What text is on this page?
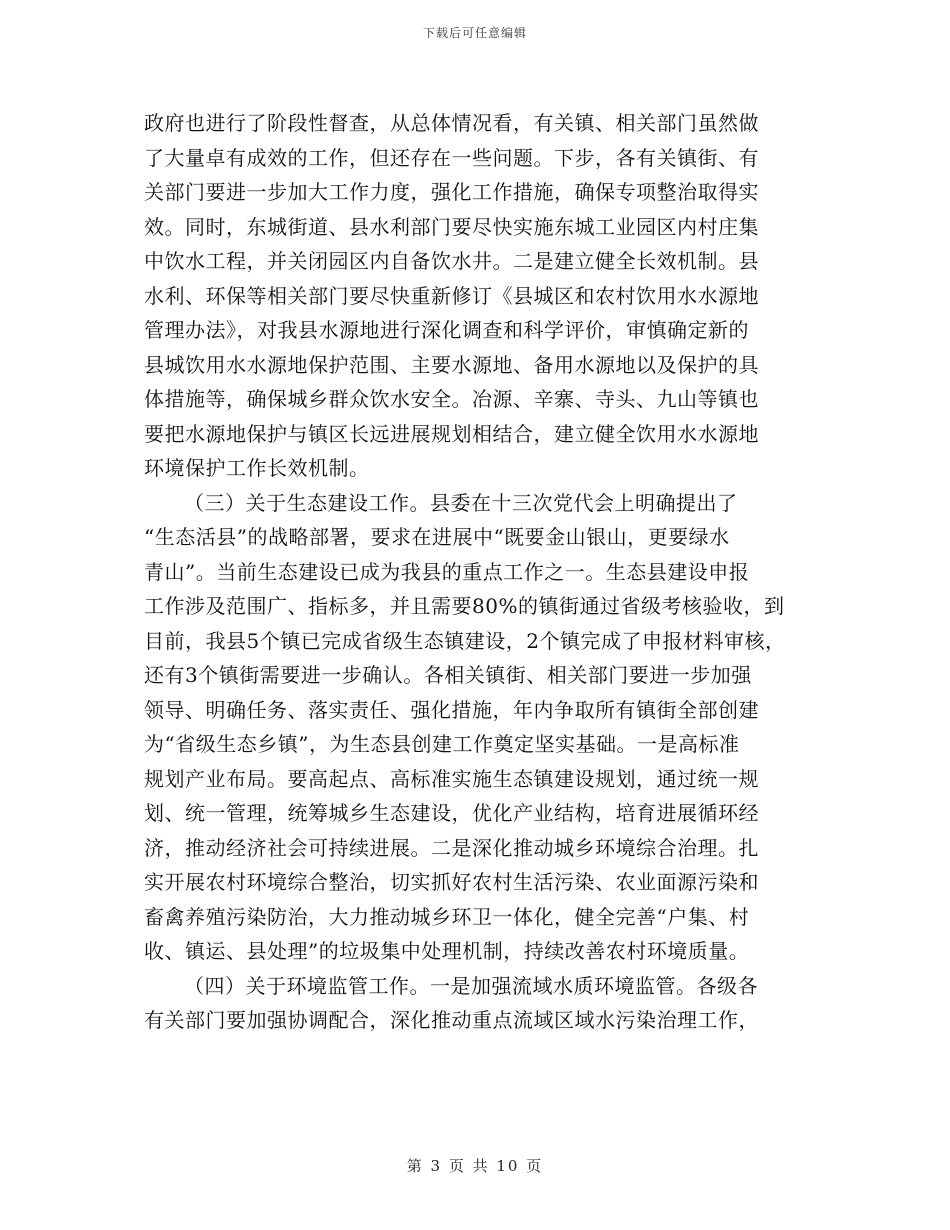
下载后可任意编辑
政府也进行了阶段性督查，从总体情况看，有关镇、相关部门虽然做
了大量卓有成效的工作，但还存在一些问题。下步，各有关镇街、有
关部门要进一步加大工作力度，强化工作措施，确保专项整治取得实
效。同时，东城街道、县水利部门要尽快实施东城工业园区内村庄集
中饮水工程，并关闭园区内自备饮水井。二是建立健全长效机制。县
水利、环保等相关部门要尽快重新修订《县城区和农村饮用水水源地
管理办法》，对我县水源地进行深化调查和科学评价，审慎确定新的
县城饮用水水源地保护范围、主要水源地、备用水源地以及保护的具
体措施等，确保城乡群众饮水安全。冶源、辛寨、寺头、九山等镇也
要把水源地保护与镇区长远进展规划相结合，建立健全饮用水水源地
环境保护工作长效机制。
（三）关于生态建设工作。县委在十三次党代会上明确提出了
“生态活县”的战略部署，要求在进展中“既要金山银山，更要绿水
青山”。当前生态建设已成为我县的重点工作之一。生态县建设申报
工作涉及范围广、指标多，并且需要80%的镇街通过省级考核验收，到
目前，我县5个镇已完成省级生态镇建设，2个镇完成了申报材料审核，
还有3个镇街需要进一步确认。各相关镇街、相关部门要进一步加强
领导、明确任务、落实责任、强化措施，年内争取所有镇街全部创建
为“省级生态乡镇”，为生态县创建工作奠定坚实基础。一是高标准
规划产业布局。要高起点、高标准实施生态镇建设规划，通过统一规
划、统一管理，统筹城乡生态建设，优化产业结构，培育进展循环经
济，推动经济社会可持续进展。二是深化推动城乡环境综合治理。扎
实开展农村环境综合整治，切实抓好农村生活污染、农业面源污染和
畜禽养殖污染防治，大力推动城乡环卫一体化，健全完善“户集、村
收、镇运、县处理”的垃圾集中处理机制，持续改善农村环境质量。
（四）关于环境监管工作。一是加强流域水质环境监管。各级各
有关部门要加强协调配合，深化推动重点流域区域水污染治理工作，
第 3 页 共 10 页
